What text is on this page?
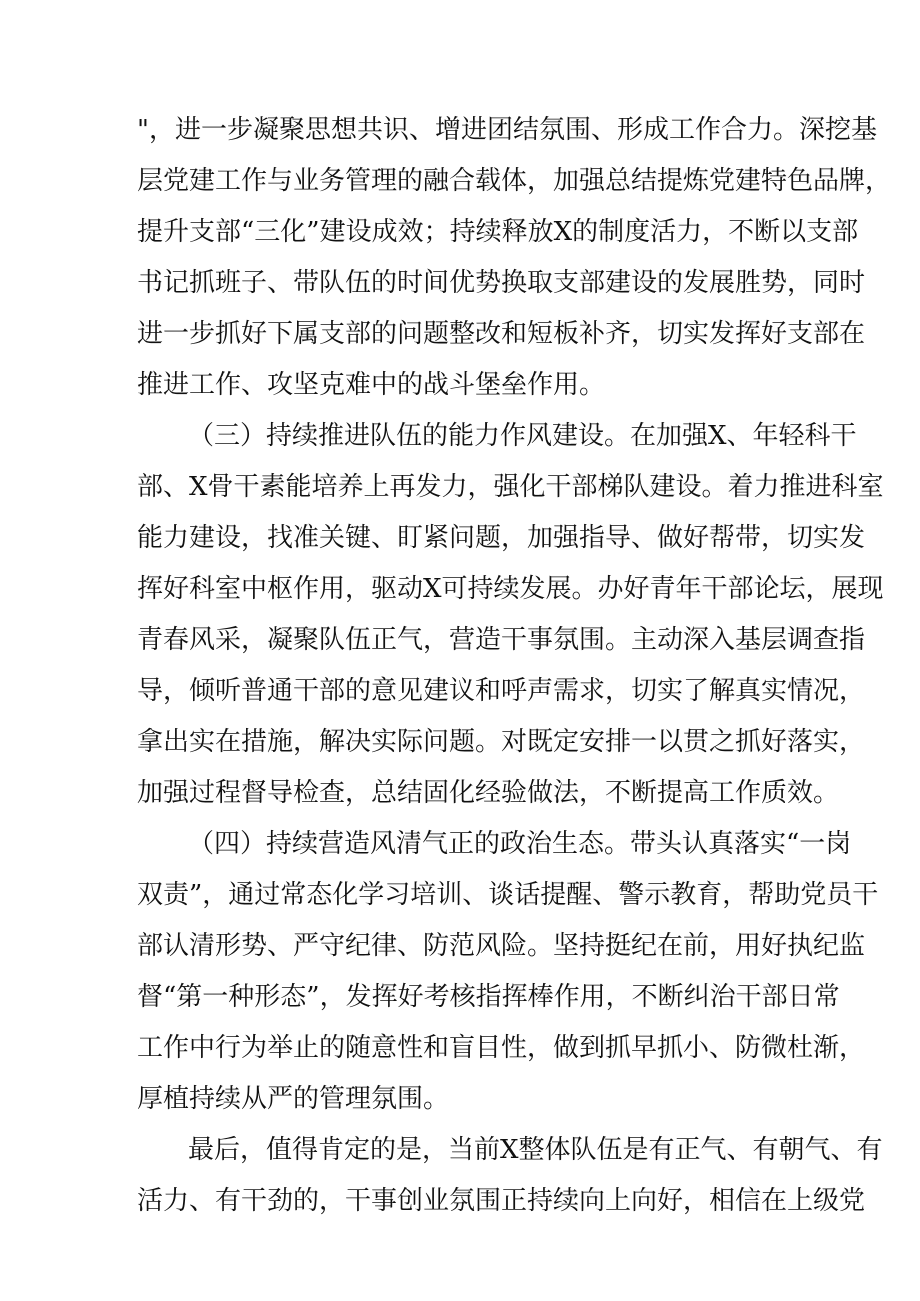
"，进一步凝聚思想共识、增进团结氛围、形成工作合力。深挖基
层党建工作与业务管理的融合载体，加强总结提炼党建特色品牌，
提升支部“三化”建设成效；持续释放X的制度活力，不断以支部
书记抓班子、带队伍的时间优势换取支部建设的发展胜势，同时
进一步抓好下属支部的问题整改和短板补齐，切实发挥好支部在
推进工作、攻坚克难中的战斗堡垒作用。
（三）持续推进队伍的能力作风建设。在加强X、年轻科干
部、X骨干素能培养上再发力，强化干部梯队建设。着力推进科室
能力建设，找准关键、盯紧问题，加强指导、做好帮带，切实发
挥好科室中枢作用，驱动X可持续发展。办好青年干部论坛，展现
青春风采，凝聚队伍正气，营造干事氛围。主动深入基层调查指
导，倾听普通干部的意见建议和呼声需求，切实了解真实情况，
拿出实在措施，解决实际问题。对既定安排一以贯之抓好落实，
加强过程督导检查，总结固化经验做法，不断提高工作质效。
（四）持续营造风清气正的政治生态。带头认真落实“一岗
双责”，通过常态化学习培训、谈话提醒、警示教育，帮助党员干
部认清形势、严守纪律、防范风险。坚持挺纪在前，用好执纪监
督“第一种形态”，发挥好考核指挥棒作用，不断纠治干部日常
工作中行为举止的随意性和盲目性，做到抓早抓小、防微杜渐，
厚植持续从严的管理氛围。
最后，值得肯定的是，当前X整体队伍是有正气、有朝气、有
活力、有干劲的，干事创业氛围正持续向上向好，相信在上级党
